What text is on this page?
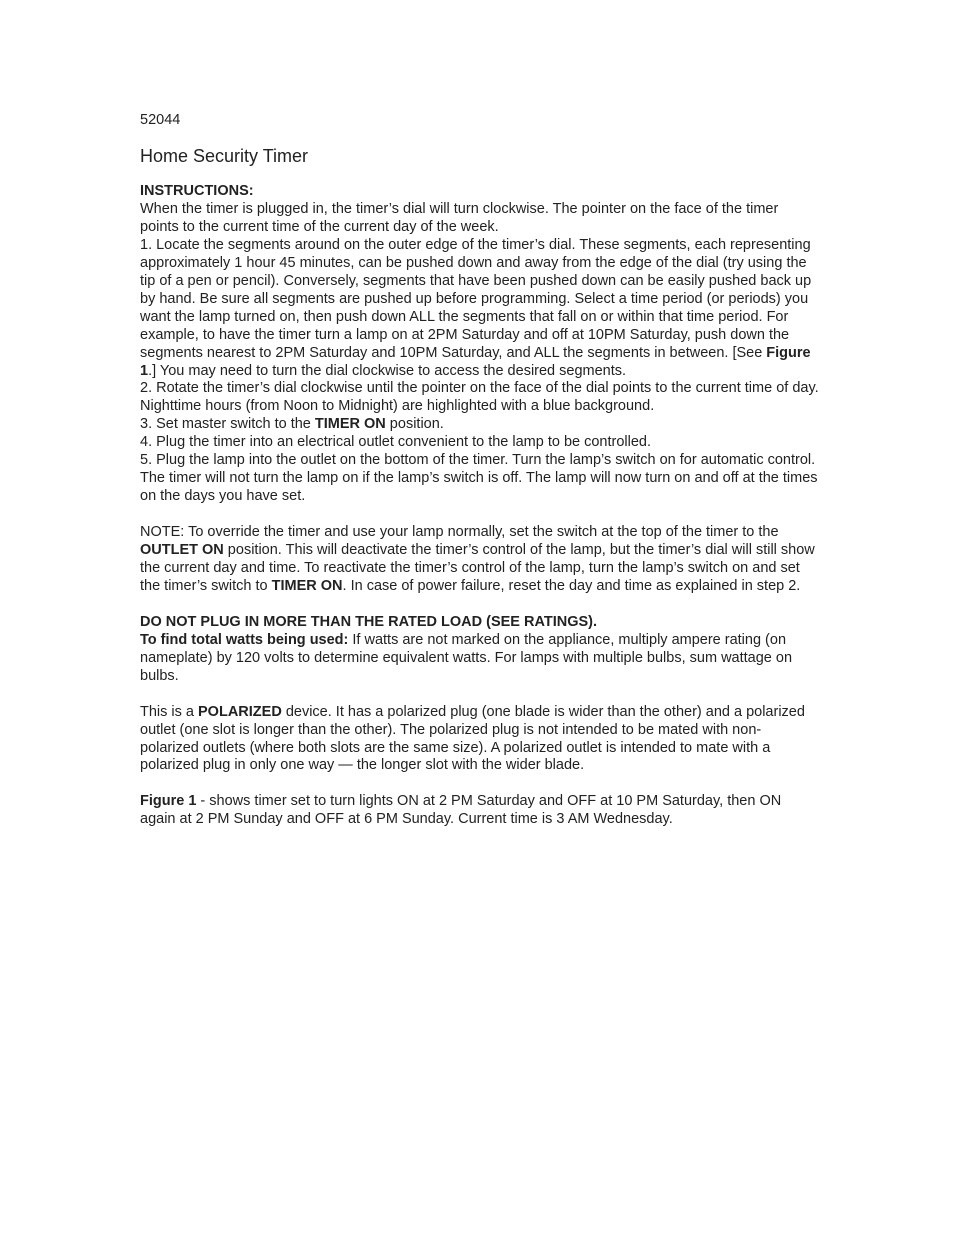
52044

Home Security Timer

INSTRUCTIONS:

When the timer is plugged in, the timer’s dial will turn clockwise. The pointer on the face of the timer points to the current time of the current day of the week.

1. Locate the segments around on the outer edge of the timer’s dial. These segments, each representing approximately 1 hour 45 minutes, can be pushed down and away from the edge of the dial (try using the tip of a pen or pencil). Conversely, segments that have been pushed down can be easily pushed back up by hand. Be sure all segments are pushed up before programming. Select a time period (or periods) you want the lamp turned on, then push down ALL the segments that fall on or within that time period. For example, to have the timer turn a lamp on at 2PM Saturday and off at 10PM Saturday, push down the segments nearest to 2PM Saturday and 10PM Saturday, and ALL the segments in between. [See Figure 1.] You may need to turn the dial clockwise to access the desired segments.

2. Rotate the timer’s dial clockwise until the pointer on the face of the dial points to the current time of day. Nighttime hours (from Noon to Midnight) are highlighted with a blue background.

3. Set master switch to the TIMER ON position.

4. Plug the timer into an electrical outlet convenient to the lamp to be controlled.

5. Plug the lamp into the outlet on the bottom of the timer. Turn the lamp’s switch on for automatic control. The timer will not turn the lamp on if the lamp’s switch is off. The lamp will now turn on and off at the times on the days you have set.

NOTE: To override the timer and use your lamp normally, set the switch at the top of the timer to the OUTLET ON position. This will deactivate the timer’s control of the lamp, but the timer’s dial will still show the current day and time. To reactivate the timer’s control of the lamp, turn the lamp’s switch on and set the timer’s switch to TIMER ON. In case of power failure, reset the day and time as explained in step 2.

DO NOT PLUG IN MORE THAN THE RATED LOAD (SEE RATINGS).

To find total watts being used: If watts are not marked on the appliance, multiply ampere rating (on nameplate) by 120 volts to determine equivalent watts. For lamps with multiple bulbs, sum wattage on bulbs.

This is a POLARIZED device. It has a polarized plug (one blade is wider than the other) and a polarized outlet (one slot is longer than the other). The polarized plug is not intended to be mated with non-polarized outlets (where both slots are the same size). A polarized outlet is intended to mate with a polarized plug in only one way — the longer slot with the wider blade.

Figure 1 - shows timer set to turn lights ON at 2 PM Saturday and OFF at 10 PM Saturday, then ON again at 2 PM Sunday and OFF at 6 PM Sunday. Current time is 3 AM Wednesday.
